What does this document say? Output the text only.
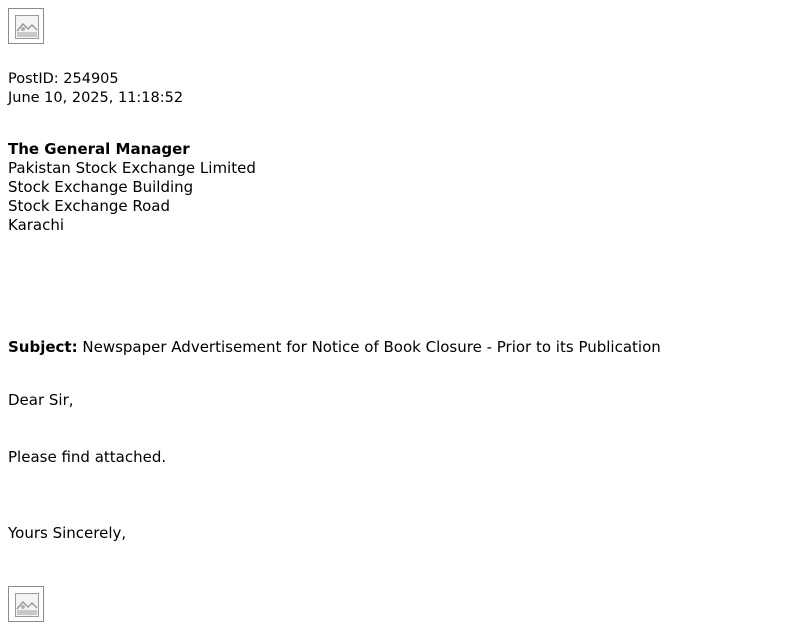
PostID: 254905
June 10, 2025, 11:18:52
The General Manager
Pakistan Stock Exchange Limited
Stock Exchange Building
Stock Exchange Road
Karachi
Subject: Newspaper Advertisement for Notice of Book Closure - Prior to its Publication
Dear Sir,
Please find attached.
Yours Sincerely,
